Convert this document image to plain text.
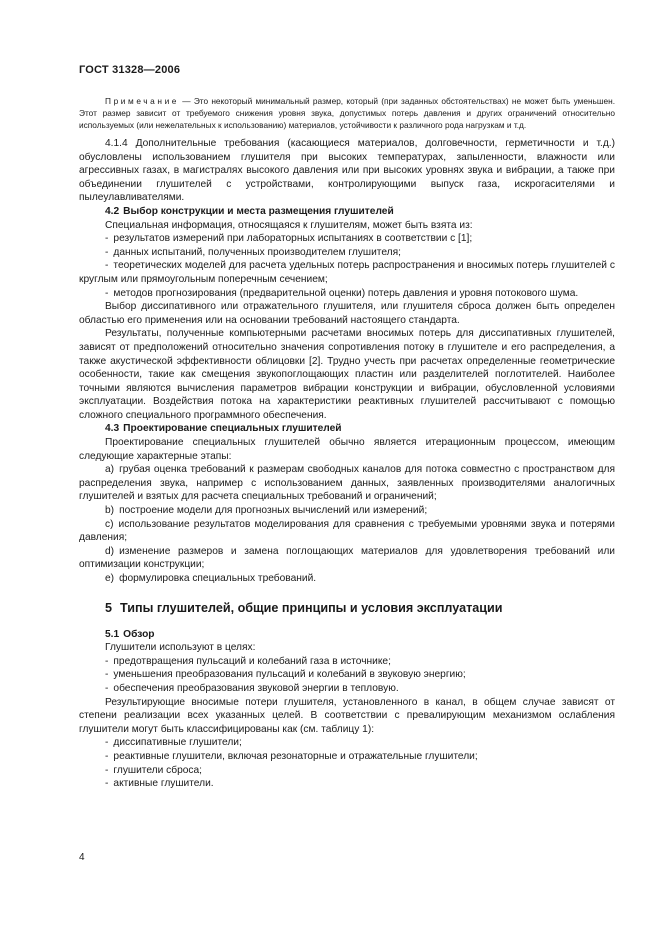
ГОСТ 31328—2006
Примечание — Это некоторый минимальный размер, который (при заданных обстоятельствах) не может быть уменьшен. Этот размер зависит от требуемого снижения уровня звука, допустимых потерь давления и других ограничений относительно используемых (или нежелательных к использованию) материалов, устойчивости к различного рода нагрузкам и т.д.

4.1.4 Дополнительные требования (касающиеся материалов, долговечности, герметичности и т.д.) обусловлены использованием глушителя при высоких температурах, запыленности, влажности или агрессивных газах, в магистралях высокого давления или при высоких уровнях звука и вибрации, а также при объединении глушителей с устройствами, контролирующими выпуск газа, искрогасителями и пылеулавливателями.

4.2 Выбор конструкции и места размещения глушителей

Специальная информация, относящаяся к глушителям, может быть взята из:

- результатов измерений при лабораторных испытаниях в соответствии с [1];
- данных испытаний, полученных производителем глушителя;
- теоретических моделей для расчета удельных потерь распространения и вносимых потерь глушителей с круглым или прямоугольным поперечным сечением;
- методов прогнозирования (предварительной оценки) потерь давления и уровня потокового шума.

Выбор диссипативного или отражательного глушителя, или глушителя сброса должен быть определен областью его применения или на основании требований настоящего стандарта.

Результаты, полученные компьютерными расчетами вносимых потерь для диссипативных глушителей, зависят от предположений относительно значения сопротивления потоку в глушителе и его распределения, а также акустической эффективности облицовки [2]. Трудно учесть при расчетах определенные геометрические особенности, такие как смещения звукопоглощающих пластин или разделителей поглотителей. Наиболее точными являются вычисления параметров вибрации конструкции и вибрации, обусловленной условиями эксплуатации. Воздействия потока на характеристики реактивных глушителей рассчитывают с помощью сложного специального программного обеспечения.

4.3 Проектирование специальных глушителей

Проектирование специальных глушителей обычно является итерационным процессом, имеющим следующие характерные этапы:

a) грубая оценка требований к размерам свободных каналов для потока совместно с пространством для распределения звука, например с использованием данных, заявленных производителями аналогичных глушителей и взятых для расчета специальных требований и ограничений;
b) построение модели для прогнозных вычислений или измерений;
c) использование результатов моделирования для сравнения с требуемыми уровнями звука и потерями давления;
d) изменение размеров и замена поглощающих материалов для удовлетворения требований или оптимизации конструкции;
e) формулировка специальных требований.
5 Типы глушителей, общие принципы и условия эксплуатации
5.1 Обзор

Глушители используют в целях:

- предотвращения пульсаций и колебаний газа в источнике;
- уменьшения преобразования пульсаций и колебаний в звуковую энергию;
- обеспечения преобразования звуковой энергии в тепловую.

Результирующие вносимые потери глушителя, установленного в канал, в общем случае зависят от степени реализации всех указанных целей. В соответствии с превалирующим механизмом ослабления глушители могут быть классифицированы как (см. таблицу 1):

- диссипативные глушители;
- реактивные глушители, включая резонаторные и отражательные глушители;
- глушители сброса;
- активные глушители.
4
